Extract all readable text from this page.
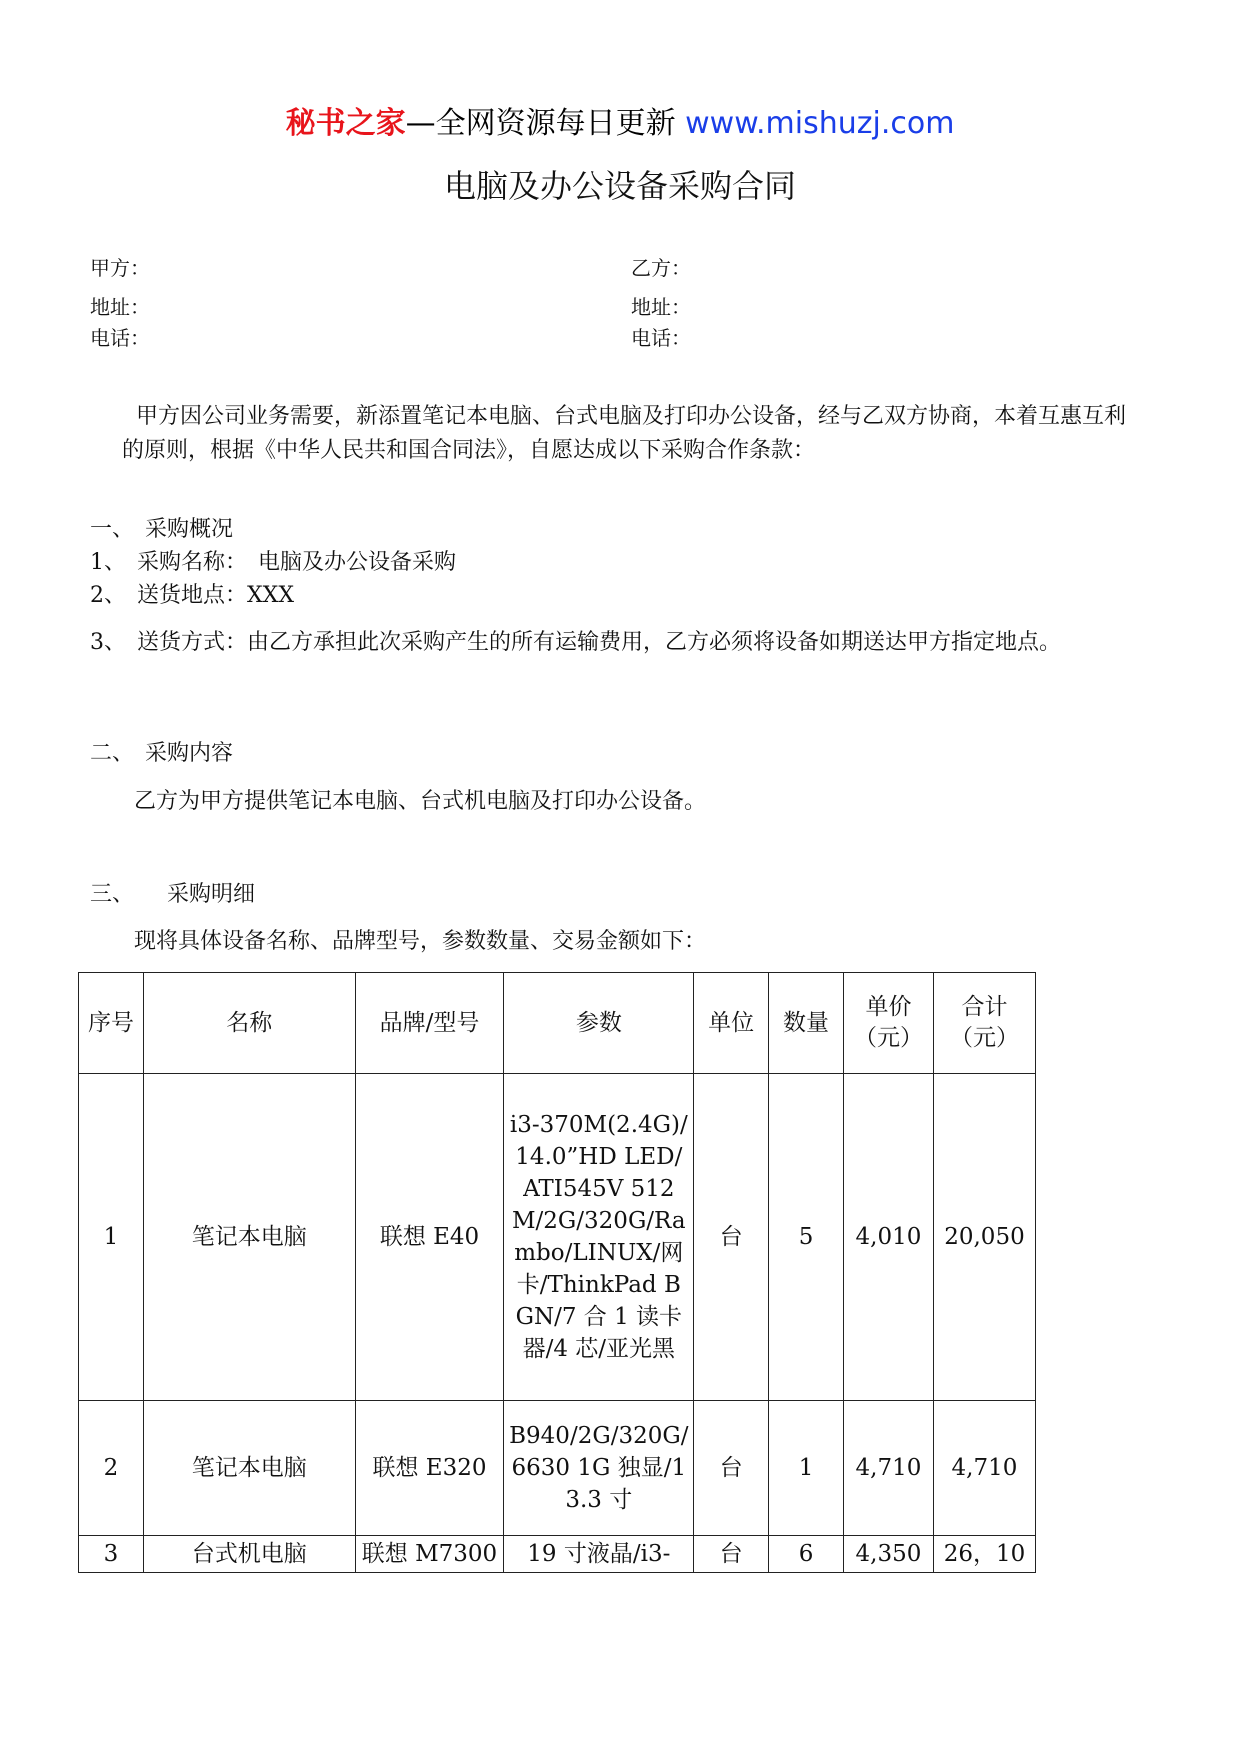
秘书之家—全网资源每日更新 www.mishuzj.com
电脑及办公设备采购合同
甲方：	乙方：
地址：	地址：
电话：	电话：
甲方因公司业务需要，新添置笔记本电脑、台式电脑及打印办公设备，经与乙双方协商，本着互惠互利的原则，根据《中华人民共和国合同法》，自愿达成以下采购合作条款：
一、　采购概况
1、　采购名称：　电脑及办公设备采购
2、　送货地点：XXX
3、　送货方式：由乙方承担此次采购产生的所有运输费用，乙方必须将设备如期送达甲方指定地点。
二、　采购内容
乙方为甲方提供笔记本电脑、台式机电脑及打印办公设备。
三、　　采购明细
现将具体设备名称、品牌型号，参数数量、交易金额如下：
序号	名称	品牌/型号	参数	单位	数量	单价（元）	合计（元）
1	笔记本电脑	联想 E40	i3-370M(2.4G)/14.0”HD LED/ATI545V 512M/2G/320G/Rambo/LINUX/网卡/ThinkPad BGN/7 合 1 读卡器/4 芯/亚光黑	台	5	4,010	20,050
2	笔记本电脑	联想 E320	B940/2G/320G/6630 1G 独显/13.3 寸	台	1	4,710	4,710
3	台式机电脑	联想 M7300	19 寸液晶/i3-	台	6	4,350	26，10
